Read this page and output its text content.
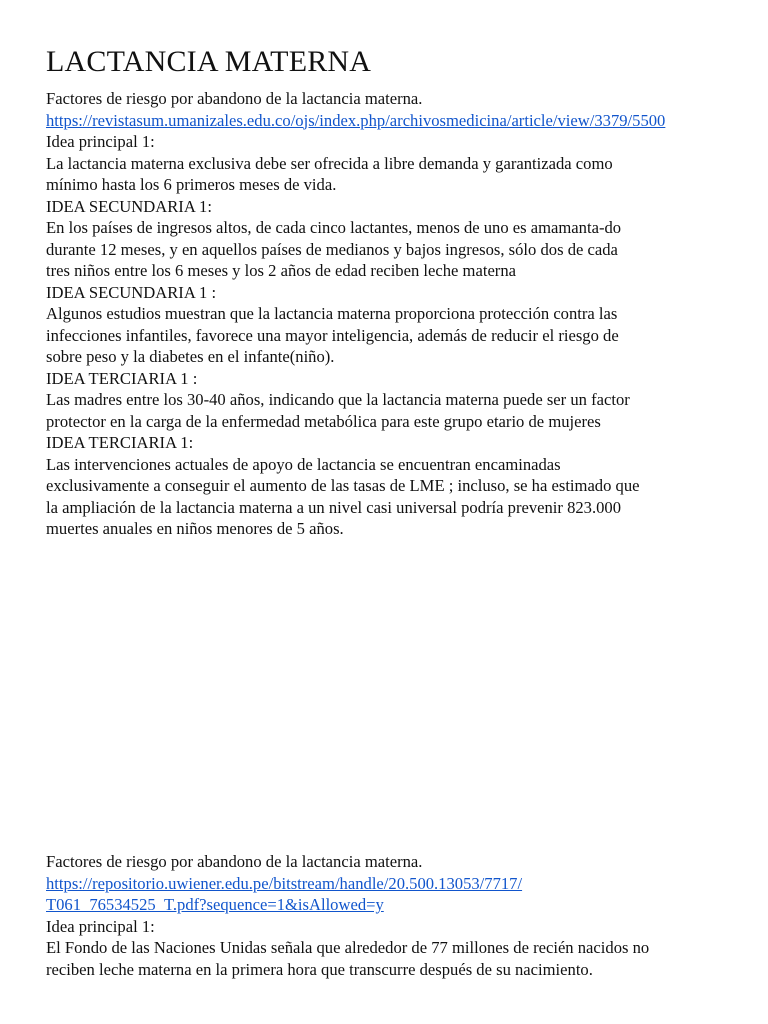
LACTANCIA MATERNA
Factores de riesgo por abandono de la lactancia materna.
https://revistasum.umanizales.edu.co/ojs/index.php/archivosmedicina/article/view/3379/5500
Idea principal 1:
La lactancia materna exclusiva debe ser ofrecida a libre demanda y garantizada como
mínimo hasta los 6 primeros meses de vida.
IDEA SECUNDARIA 1:
En los países de ingresos altos, de cada cinco lactantes, menos de uno es amamanta-do
durante 12 meses, y en aquellos países de medianos y bajos ingresos, sólo dos de cada
tres niños entre los 6 meses y los 2 años de edad reciben leche materna
IDEA SECUNDARIA 1 :
Algunos estudios muestran que la lactancia materna proporciona protección contra las
infecciones infantiles, favorece una mayor inteligencia, además de reducir el riesgo de
sobre peso y la diabetes en el infante(niño).
IDEA TERCIARIA 1 :
Las madres entre los 30-40 años, indicando que la lactancia materna puede ser un factor
protector en la carga de la enfermedad metabólica para este grupo etario de mujeres
IDEA TERCIARIA 1:
Las intervenciones actuales de apoyo de lactancia se encuentran encaminadas
exclusivamente a conseguir el aumento de las tasas de LME ; incluso, se ha estimado que
la ampliación de la lactancia materna a un nivel casi universal podría prevenir 823.000
muertes anuales en niños menores de 5 años.
Factores de riesgo por abandono de la lactancia materna.
https://repositorio.uwiener.edu.pe/bitstream/handle/20.500.13053/7717/
T061_76534525_T.pdf?sequence=1&isAllowed=y
Idea principal 1:
El Fondo de las Naciones Unidas señala que alrededor de 77 millones de recién nacidos no
reciben leche materna en la primera hora que transcurre después de su nacimiento.
